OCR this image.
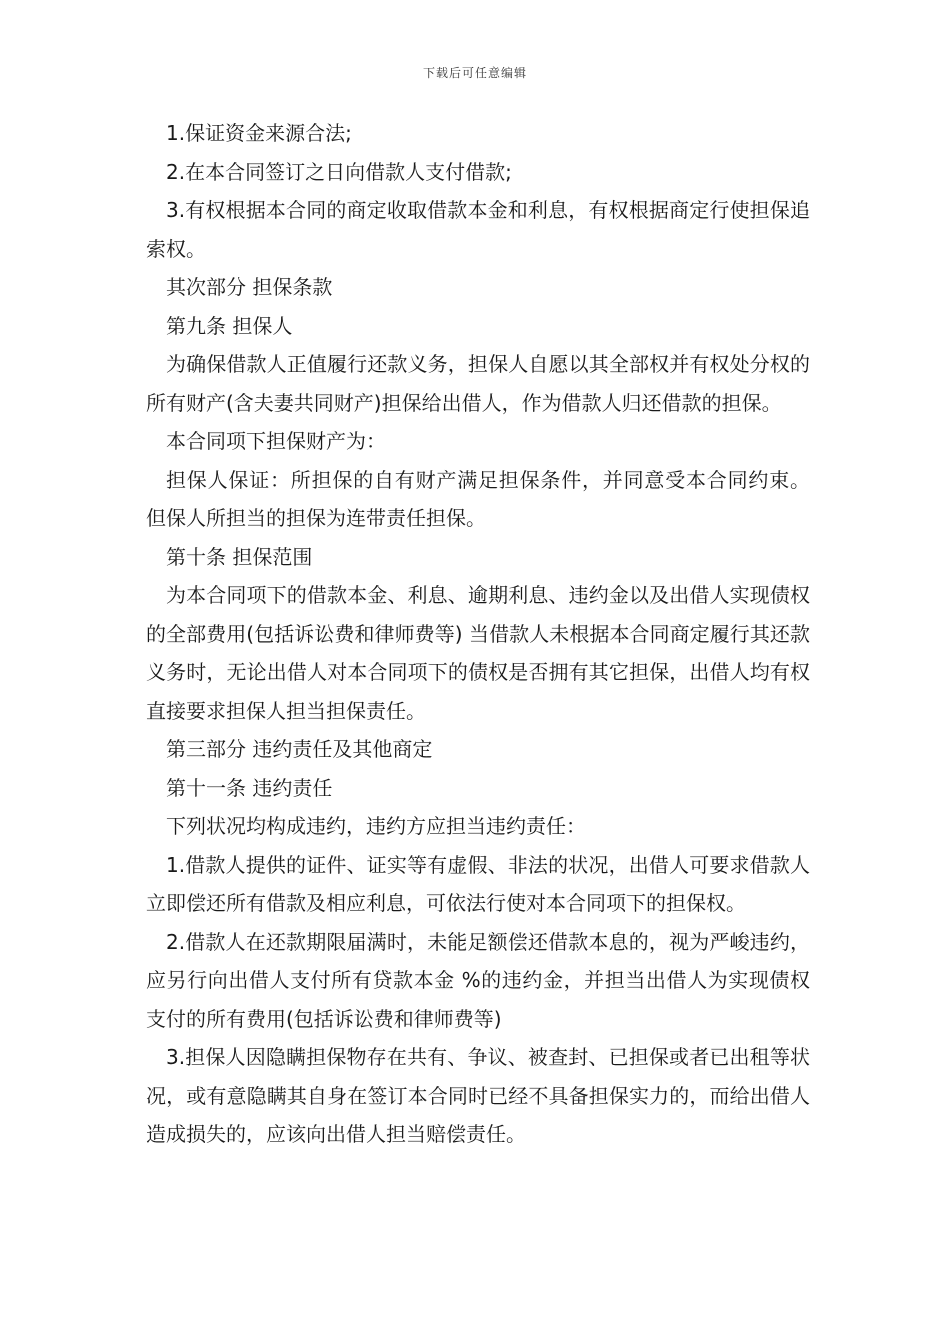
下载后可任意编辑

1.保证资金来源合法;

2.在本合同签订之日向借款人支付借款;

3.有权根据本合同的商定收取借款本金和利息，有权根据商定行使担保追索权。

其次部分 担保条款

第九条 担保人

为确保借款人正值履行还款义务，担保人自愿以其全部权并有权处分权的所有财产(含夫妻共同财产)担保给出借人，作为借款人归还借款的担保。

本合同项下担保财产为：

担保人保证：所担保的自有财产满足担保条件，并同意受本合同约束。 但保人所担当的担保为连带责任担保。

第十条 担保范围

为本合同项下的借款本金、利息、逾期利息、违约金以及出借人实现债权的全部费用(包括诉讼费和律师费等) 当借款人未根据本合同商定履行其还款义务时，无论出借人对本合同项下的债权是否拥有其它担保，出借人均有权直接要求担保人担当担保责任。

第三部分 违约责任及其他商定

第十一条 违约责任

下列状况均构成违约，违约方应担当违约责任：

1.借款人提供的证件、证实等有虚假、非法的状况，出借人可要求借款人立即偿还所有借款及相应利息，可依法行使对本合同项下的担保权。

2.借款人在还款期限届满时，未能足额偿还借款本息的，视为严峻违约，应另行向出借人支付所有贷款本金 %的违约金，并担当出借人为实现债权支付的所有费用(包括诉讼费和律师费等)

3.担保人因隐瞒担保物存在共有、争议、被查封、已担保或者已出租等状况，或有意隐瞒其自身在签订本合同时已经不具备担保实力的，而给出借人造成损失的，应该向出借人担当赔偿责任。
